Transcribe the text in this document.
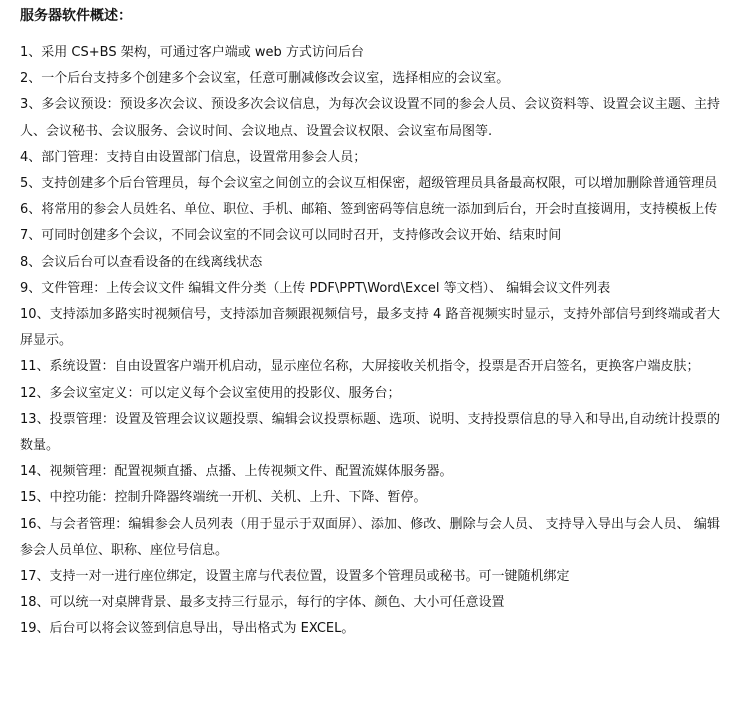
服务器软件概述：
1、采用 CS+BS 架构，可通过客户端或 web 方式访问后台
2、一个后台支持多个创建多个会议室，任意可删减修改会议室，选择相应的会议室。
3、多会议预设：预设多次会议、预设多次会议信息，为每次会议设置不同的参会人员、会议资料等、设置会议主题、主持人、会议秘书、会议服务、会议时间、会议地点、设置会议权限、会议室布局图等.
4、部门管理：支持自由设置部门信息，设置常用参会人员；
5、支持创建多个后台管理员，每个会议室之间创立的会议互相保密，超级管理员具备最高权限，可以增加删除普通管理员
6、将常用的参会人员姓名、单位、职位、手机、邮箱、签到密码等信息统一添加到后台，开会时直接调用，支持模板上传
7、可同时创建多个会议，不同会议室的不同会议可以同时召开，支持修改会议开始、结束时间
8、会议后台可以查看设备的在线离线状态
9、文件管理：上传会议文件 编辑文件分类（上传 PDF\PPT\Word\Excel 等文档）、 编辑会议文件列表
10、支持添加多路实时视频信号，支持添加音频跟视频信号，最多支持 4 路音视频实时显示，支持外部信号到终端或者大屏显示。
11、系统设置：自由设置客户端开机启动，显示座位名称，大屏接收关机指令，投票是否开启签名，更换客户端皮肤；
12、多会议室定义：可以定义每个会议室使用的投影仪、服务台；
13、投票管理：设置及管理会议议题投票、编辑会议投票标题、选项、说明、支持投票信息的导入和导出,自动统计投票的数量。
14、视频管理：配置视频直播、点播、上传视频文件、配置流媒体服务器。
15、中控功能：控制升降器终端统一开机、关机、上升、下降、暂停。
16、与会者管理：编辑参会人员列表（用于显示于双面屏）、添加、修改、删除与会人员、 支持导入导出与会人员、 编辑参会人员单位、职称、座位号信息。
17、支持一对一进行座位绑定，设置主席与代表位置，设置多个管理员或秘书。可一键随机绑定
18、可以统一对桌牌背景、最多支持三行显示，每行的字体、颜色、大小可任意设置
19、后台可以将会议签到信息导出，导出格式为 EXCEL。
